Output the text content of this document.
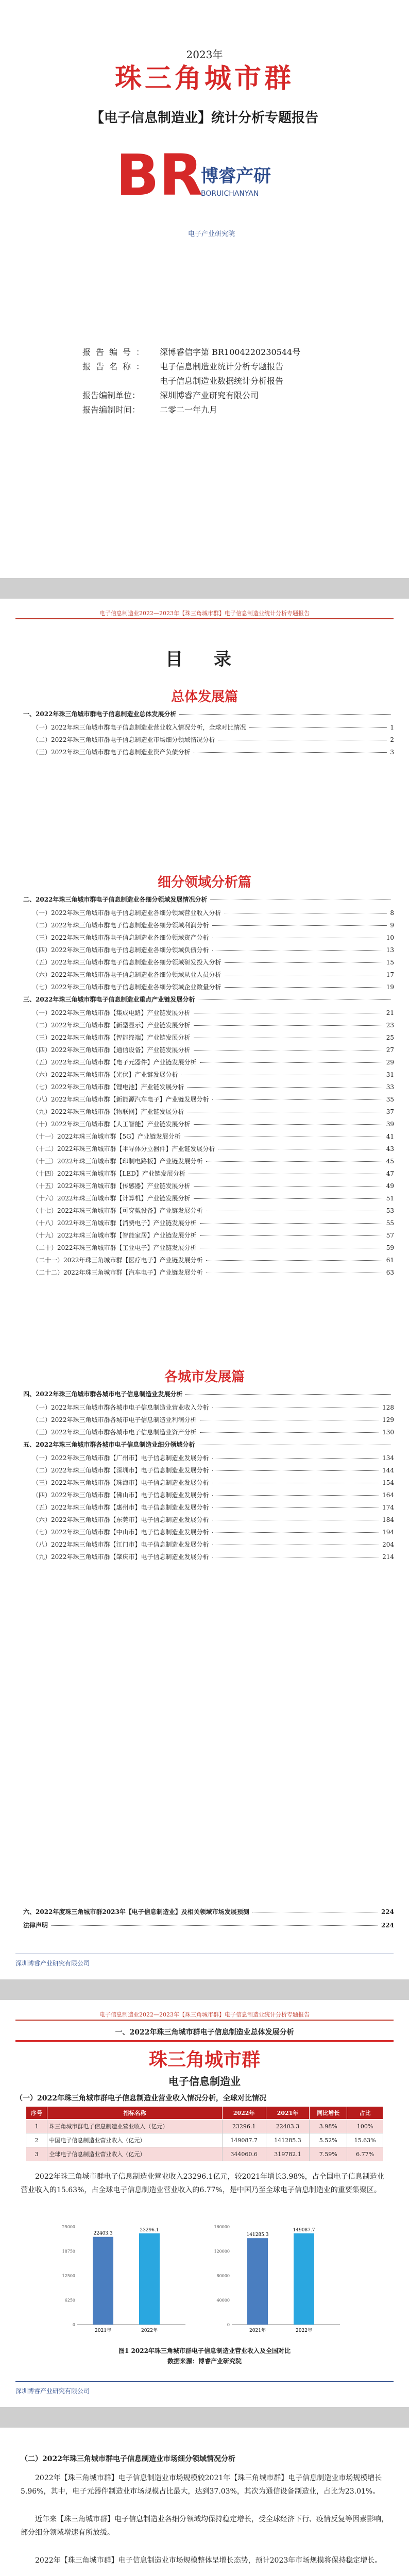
2023年
珠三角城市群
【电子信息制造业】统计分析专题报告
BR
博睿产研
BORUICHANYAN
电子产业研究院
报告编号：	深博睿信字第 BR1004220230544号
报告名称：	电子信息制造业统计分析专题报告
电子信息制造业数据统计分析报告
报告编制单位：	深圳博睿产业研究有限公司
报告编制时间：	二零二一年九月
电子信息制造业2022—2023年【珠三角城市群】电子信息制造业统计分析专题报告
目 录
总体发展篇
一、2022年珠三角城市群电子信息制造业总体发展分析
（一）2022年珠三角城市群电子信息制造业营业收入情况分析，全球对比情况	1
（二）2022年珠三角城市群电子信息制造业市场细分领域情况分析	2
（三）2022年珠三角城市群电子信息制造业资产负债分析	3
二、2022年珠三角城市群电子信息制造业各细分领域发展情况分析
（一）2022年珠三角城市群电子信息制造业各细分领域营业收入分析	8
（二）2022年珠三角城市群电子信息制造业各细分领域利润分析	9
（三）2022年珠三角城市群电子信息制造业各细分领域资产分析	10
（四）2022年珠三角城市群电子信息制造业各细分领域负债分析	13
（五）2022年珠三角城市群电子信息制造业各细分领域研发投入分析	15
（六）2022年珠三角城市群电子信息制造业各细分领域从业人员分析	17
（七）2022年珠三角城市群电子信息制造业各细分领域企业数量分析	19
三、2022年珠三角城市群电子信息制造业重点产业链发展分析
（一）2022年珠三角城市群【集成电路】产业链发展分析	21
（二）2022年珠三角城市群【新型显示】产业链发展分析	23
（三）2022年珠三角城市群【智能终端】产业链发展分析	25
（四）2022年珠三角城市群【通信设备】产业链发展分析	27
（五）2022年珠三角城市群【电子元器件】产业链发展分析	29
（六）2022年珠三角城市群【光伏】产业链发展分析	31
（七）2022年珠三角城市群【锂电池】产业链发展分析	33
（八）2022年珠三角城市群【新能源汽车电子】产业链发展分析	35
（九）2022年珠三角城市群【物联网】产业链发展分析	37
（十）2022年珠三角城市群【人工智能】产业链发展分析	39
（十一）2022年珠三角城市群【5G】产业链发展分析	41
（十二）2022年珠三角城市群【半导体分立器件】产业链发展分析	43
（十三）2022年珠三角城市群【印制电路板】产业链发展分析	45
（十四）2022年珠三角城市群【LED】产业链发展分析	47
（十五）2022年珠三角城市群【传感器】产业链发展分析	49
（十六）2022年珠三角城市群【计算机】产业链发展分析	51
（十七）2022年珠三角城市群【可穿戴设备】产业链发展分析	53
（十八）2022年珠三角城市群【消费电子】产业链发展分析	55
（十九）2022年珠三角城市群【智能家居】产业链发展分析	57
（二十）2022年珠三角城市群【工业电子】产业链发展分析	59
（二十一）2022年珠三角城市群【医疗电子】产业链发展分析	61
（二十二）2022年珠三角城市群【汽车电子】产业链发展分析	63
四、2022年珠三角城市群各城市电子信息制造业发展分析
（一）2022年珠三角城市群各城市电子信息制造业营业收入分析	128
（二）2022年珠三角城市群各城市电子信息制造业利润分析	129
（三）2022年珠三角城市群各城市电子信息制造业资产分析	130
五、2022年珠三角城市群各城市电子信息制造业细分领域分析
（一）2022年珠三角城市群【广州市】电子信息制造业发展分析	134
（二）2022年珠三角城市群【深圳市】电子信息制造业发展分析	144
（三）2022年珠三角城市群【珠海市】电子信息制造业发展分析	154
（四）2022年珠三角城市群【佛山市】电子信息制造业发展分析	164
（五）2022年珠三角城市群【惠州市】电子信息制造业发展分析	174
（六）2022年珠三角城市群【东莞市】电子信息制造业发展分析	184
（七）2022年珠三角城市群【中山市】电子信息制造业发展分析	194
（八）2022年珠三角城市群【江门市】电子信息制造业发展分析	204
（九）2022年珠三角城市群【肇庆市】电子信息制造业发展分析	214
六、2022年度珠三角城市群2023年【电子信息制造业】及相关领域市场发展预测	224
法律声明	224
细分领域分析篇
各城市发展篇
深圳博睿产业研究有限公司
电子信息制造业2022—2023年【珠三角城市群】电子信息制造业统计分析专题报告
一、2022年珠三角城市群电子信息制造业总体发展分析
珠三角城市群
电子信息制造业
（一）2022年珠三角城市群电子信息制造业营业收入情况分析，全球对比情况
序号	指标名称	2022年	2021年	同比增长	占比
1	珠三角城市群电子信息制造业营业收入（亿元）	23296.1	22403.3	3.98%	100%
2	中国电子信息制造业营业收入（亿元）	149087.7	141285.3	5.52%	15.63%
3	全球电子信息制造业营业收入（亿元）	344060.6	319782.1	7.59%	6.77%
2022年珠三角城市群电子信息制造业营业收入23296.1亿元，较2021年增长3.98%，占全国电子信息制造业营业收入的15.63%，占全球电子信息制造业营业收入的6.77%，是中国乃至全球电子信息制造业的重要集聚区。
0
6250
12500
18750
25000
22403.3
2021年
23296.1
2022年
0
40000
80000
120000
160000
141285.3
2021年
149087.7
2022年
图1 2022年珠三角城市群电子信息制造业营业收入及全国对比
数据来源：博睿产业研究院
深圳博睿产业研究有限公司
（二）2022年珠三角城市群电子信息制造业市场细分领域情况分析
2022年【珠三角城市群】电子信息制造业市场规模较2021年【珠三角城市群】电子信息制造业市场规模增长5.96%，其中，电子元器件制造业市场规模占比最大，达到37.03%，其次为通信设备制造业，占比为23.01%。
近年来【珠三角城市群】电子信息制造业各细分领域均保持稳定增长，受全球经济下行、疫情反复等因素影响，部分细分领域增速有所放缓。
2022年【珠三角城市群】电子信息制造业市场规模整体呈增长态势，预计2023年市场规模将保持稳定增长。
